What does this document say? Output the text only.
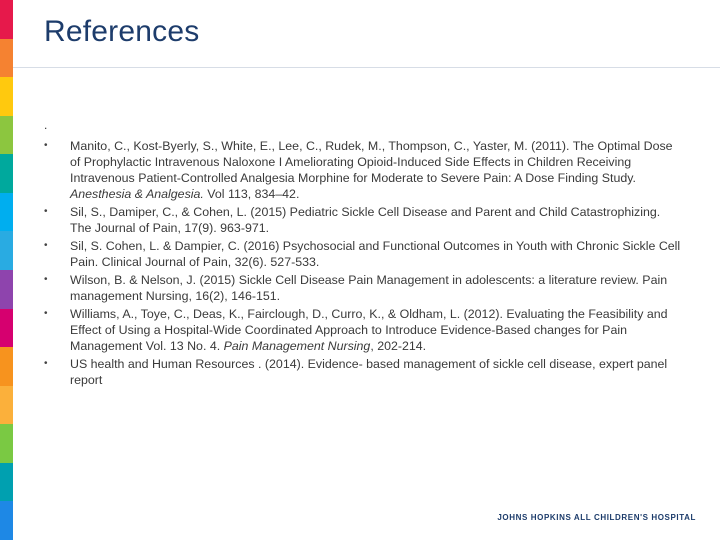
References
.
• Manito, C., Kost-Byerly, S., White, E., Lee, C., Rudek, M., Thompson, C., Yaster, M. (2011). The Optimal Dose of Prophylactic Intravenous Naloxone I Ameliorating Opioid-Induced Side Effects in Children Receiving Intravenous Patient-Controlled Analgesia Morphine for Moderate to Severe Pain: A Dose Finding Study. Anesthesia & Analgesia. Vol 113, 834–42.
• Sil, S., Damiper, C., & Cohen, L. (2015) Pediatric Sickle Cell Disease and Parent and Child Catastrophizing. The Journal of Pain, 17(9). 963-971.
• Sil, S. Cohen, L. & Dampier, C. (2016) Psychosocial and Functional Outcomes in Youth with Chronic Sickle Cell Pain. Clinical Journal of Pain, 32(6). 527-533.
• Wilson, B. & Nelson, J. (2015) Sickle Cell Disease Pain Management in adolescents: a literature review. Pain management Nursing, 16(2), 146-151.
• Williams, A., Toye, C., Deas, K., Fairclough, D., Curro, K., & Oldham, L. (2012). Evaluating the Feasibility and Effect of Using a Hospital-Wide Coordinated Approach to Introduce Evidence-Based changes for Pain Management Vol. 13 No. 4. Pain Management Nursing, 202-214.
• US health and Human Resources . (2014). Evidence- based management of sickle cell disease, expert panel report
JOHNS HOPKINS ALL CHILDREN'S HOSPITAL
